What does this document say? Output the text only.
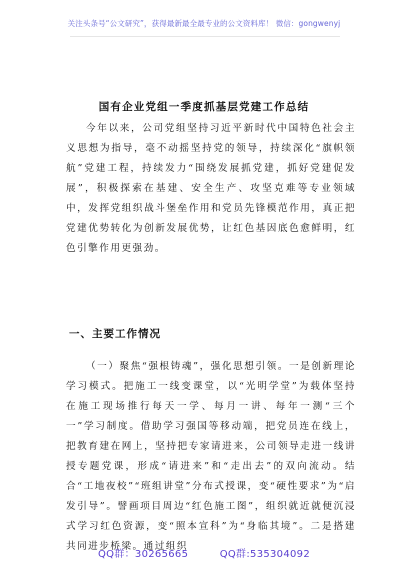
关注头条号“公文研究”，获得最新最全最专业的公文资料库！ 微信：gongwenyj
国有企业党组一季度抓基层党建工作总结
今年以来，公司党组坚持习近平新时代中国特色社会主义思想为指导，毫不动摇坚持党的领导，持续深化“旗帜领航”党建工程，持续发力“围绕发展抓党建，抓好党建促发展”，积极探索在基建、安全生产、攻坚克难等专业领域中，发挥党组织战斗堡垒作用和党员先锋模范作用，真正把党建优势转化为创新发展优势，让红色基因底色愈鲜明，红色引擎作用更强劲。
一、主要工作情况
（一）聚焦“强根铸魂”，强化思想引领。一是创新理论学习模式。把施工一线变课堂，以“光明学堂”为载体坚持在施工现场推行每天一学、每月一讲、每年一测“三个一”学习制度。借助学习强国等移动端，把党员连在线上，把教育建在网上，坚持把专家请进来，公司领导走进一线讲授专题党课，形成“请进来”和“走出去”的双向流动。结合“工地夜校”“班组讲堂”分布式授课，变“硬性要求”为“启发引导”。譬画项目周边“红色施工图”，组织就近就便沉浸式学习红色资源，变“照本宣科”为“身临其境”。二是搭建共同进步桥梁。通过组织
QQ群：30265665	QQ群:535304092
